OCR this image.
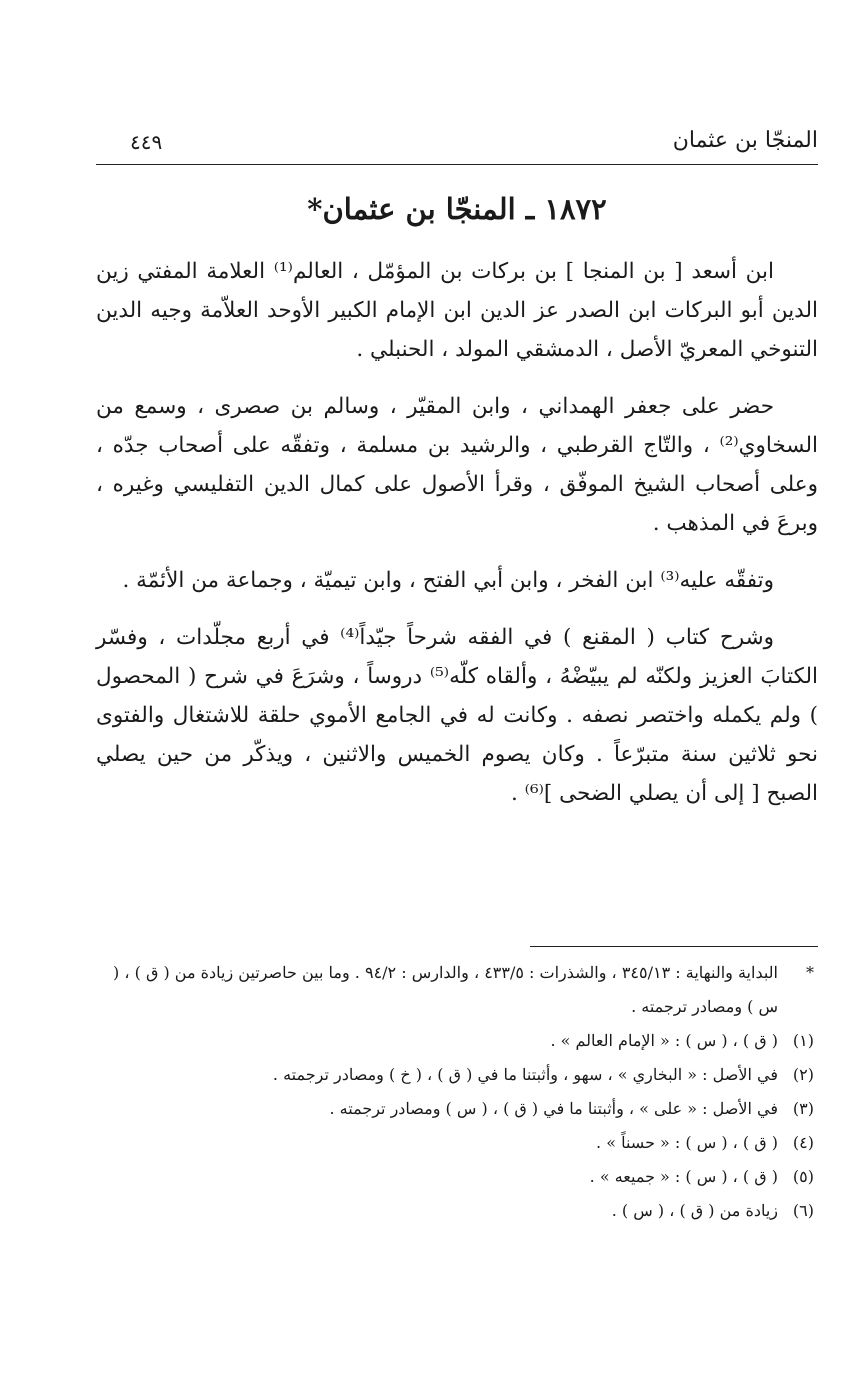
المنجّا بن عثمان
٤٤٩
١٨٧٢ ـ المنجّا بن عثمان*

ابن أسعد [ بن المنجا ] بن بركات بن المؤمّل ، العالم⁽¹⁾ العلامة المفتي زين الدين أبو البركات ابن الصدر عز الدين ابن الإمام الكبير الأوحد العلاّمة وجيه الدين التنوخي المعريّ الأصل ، الدمشقي المولد ، الحنبلي .

حضر على جعفر الهمداني ، وابن المقيّر ، وسالم بن صصرى ، وسمع من السخاوي⁽²⁾ ، والتّاج القرطبي ، والرشيد بن مسلمة ، وتفقّه على أصحاب جدّه ، وعلى أصحاب الشيخ الموفّق ، وقرأ الأصول على كمال الدين التفليسي وغيره ، وبرعَ في المذهب .

وتفقّه عليه⁽³⁾ ابن الفخر ، وابن أبي الفتح ، وابن تيميّة ، وجماعة من الأئمّة .

وشرح كتاب ( المقنع ) في الفقه شرحاً جيّداً⁽⁴⁾ في أربع مجلّدات ، وفسّر الكتابَ العزيز ولكنّه لم يبيّضْهُ ، وألقاه كلّه⁽⁵⁾ دروساً ، وشرَعَ في شرح ( المحصول ) ولم يكمله واختصر نصفه . وكانت له في الجامع الأموي حلقة للاشتغال والفتوى نحو ثلاثين سنة متبرّعاً . وكان يصوم الخميس والاثنين ، ويذكّر من حين يصلي الصبح [ إلى أن يصلي الضحى ]⁽⁶⁾ .

*
البداية والنهاية : ٣٤٥/١٣ ، والشذرات : ٤٣٣/٥ ، والدارس : ٩٤/٢ . وما بين حاصرتين زيادة من ( ق ) ، ( س ) ومصادر ترجمته .
(١)
( ق ) ، ( س ) : « الإمام العالم » .
(٢)
في الأصل : « البخاري » ، سهو ، وأثبتنا ما في ( ق ) ، ( خ ) ومصادر ترجمته .
(٣)
في الأصل : « على » ، وأثبتنا ما في ( ق ) ، ( س ) ومصادر ترجمته .
(٤)
( ق ) ، ( س ) : « حسناً » .
(٥)
( ق ) ، ( س ) : « جميعه » .
(٦)
زيادة من ( ق ) ، ( س ) .
